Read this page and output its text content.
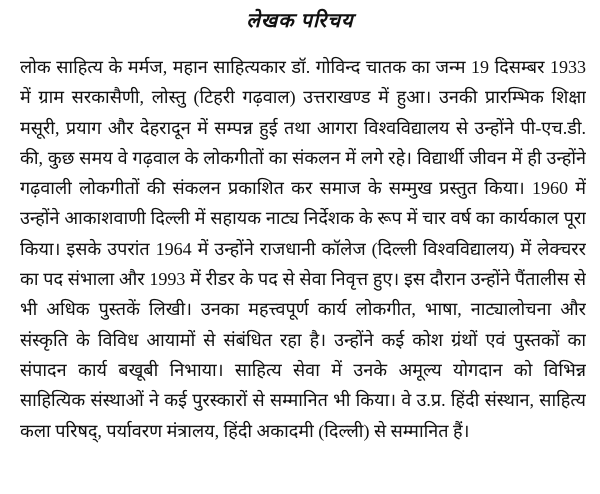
लेखक परिचय
लोक साहित्य के मर्मज, महान साहित्यकार डॉ. गोविन्द चातक का जन्म 19 दिसम्बर 1933
में ग्राम सरकासैणी, लोस्तु (टिहरी गढ़वाल) उत्तराखण्ड में हुआ। उनकी प्रारम्भिक शिक्षा
मसूरी, प्रयाग और देहरादून में सम्पन्न हुई तथा आगरा विश्वविद्यालय से उन्होंने पी-एच.डी.
की, कुछ समय वे गढ़वाल के लोकगीतों का संकलन में लगे रहे। विद्यार्थी जीवन में ही उन्होंने
गढ़वाली लोकगीतों की संकलन प्रकाशित कर समाज के सम्मुख प्रस्तुत किया। 1960 में
उन्होंने आकाशवाणी दिल्ली में सहायक नाट्य निर्देशक के रूप में चार वर्ष का कार्यकाल पूरा
किया। इसके उपरांत 1964 में उन्होंने राजधानी कॉलेज (दिल्ली विश्वविद्यालय) में लेक्चरर
का पद संभाला और 1993 में रीडर के पद से सेवा निवृत्त हुए। इस दौरान उन्होंने पैंतालीस से
भी अधिक पुस्तकें लिखी। उनका महत्त्वपूर्ण कार्य लोकगीत, भाषा, नाट्यालोचना और
संस्कृति के विविध आयामों से संबंधित रहा है। उन्होंने कई कोश ग्रंथों एवं पुस्तकों का
संपादन कार्य बखूबी निभाया। साहित्य सेवा में उनके अमूल्य योगदान को विभिन्न
साहित्यिक संस्थाओं ने कई पुरस्कारों से सम्मानित भी किया। वे उ.प्र. हिंदी संस्थान, साहित्य
कला परिषद्, पर्यावरण मंत्रालय, हिंदी अकादमी (दिल्ली) से सम्मानित हैं।
